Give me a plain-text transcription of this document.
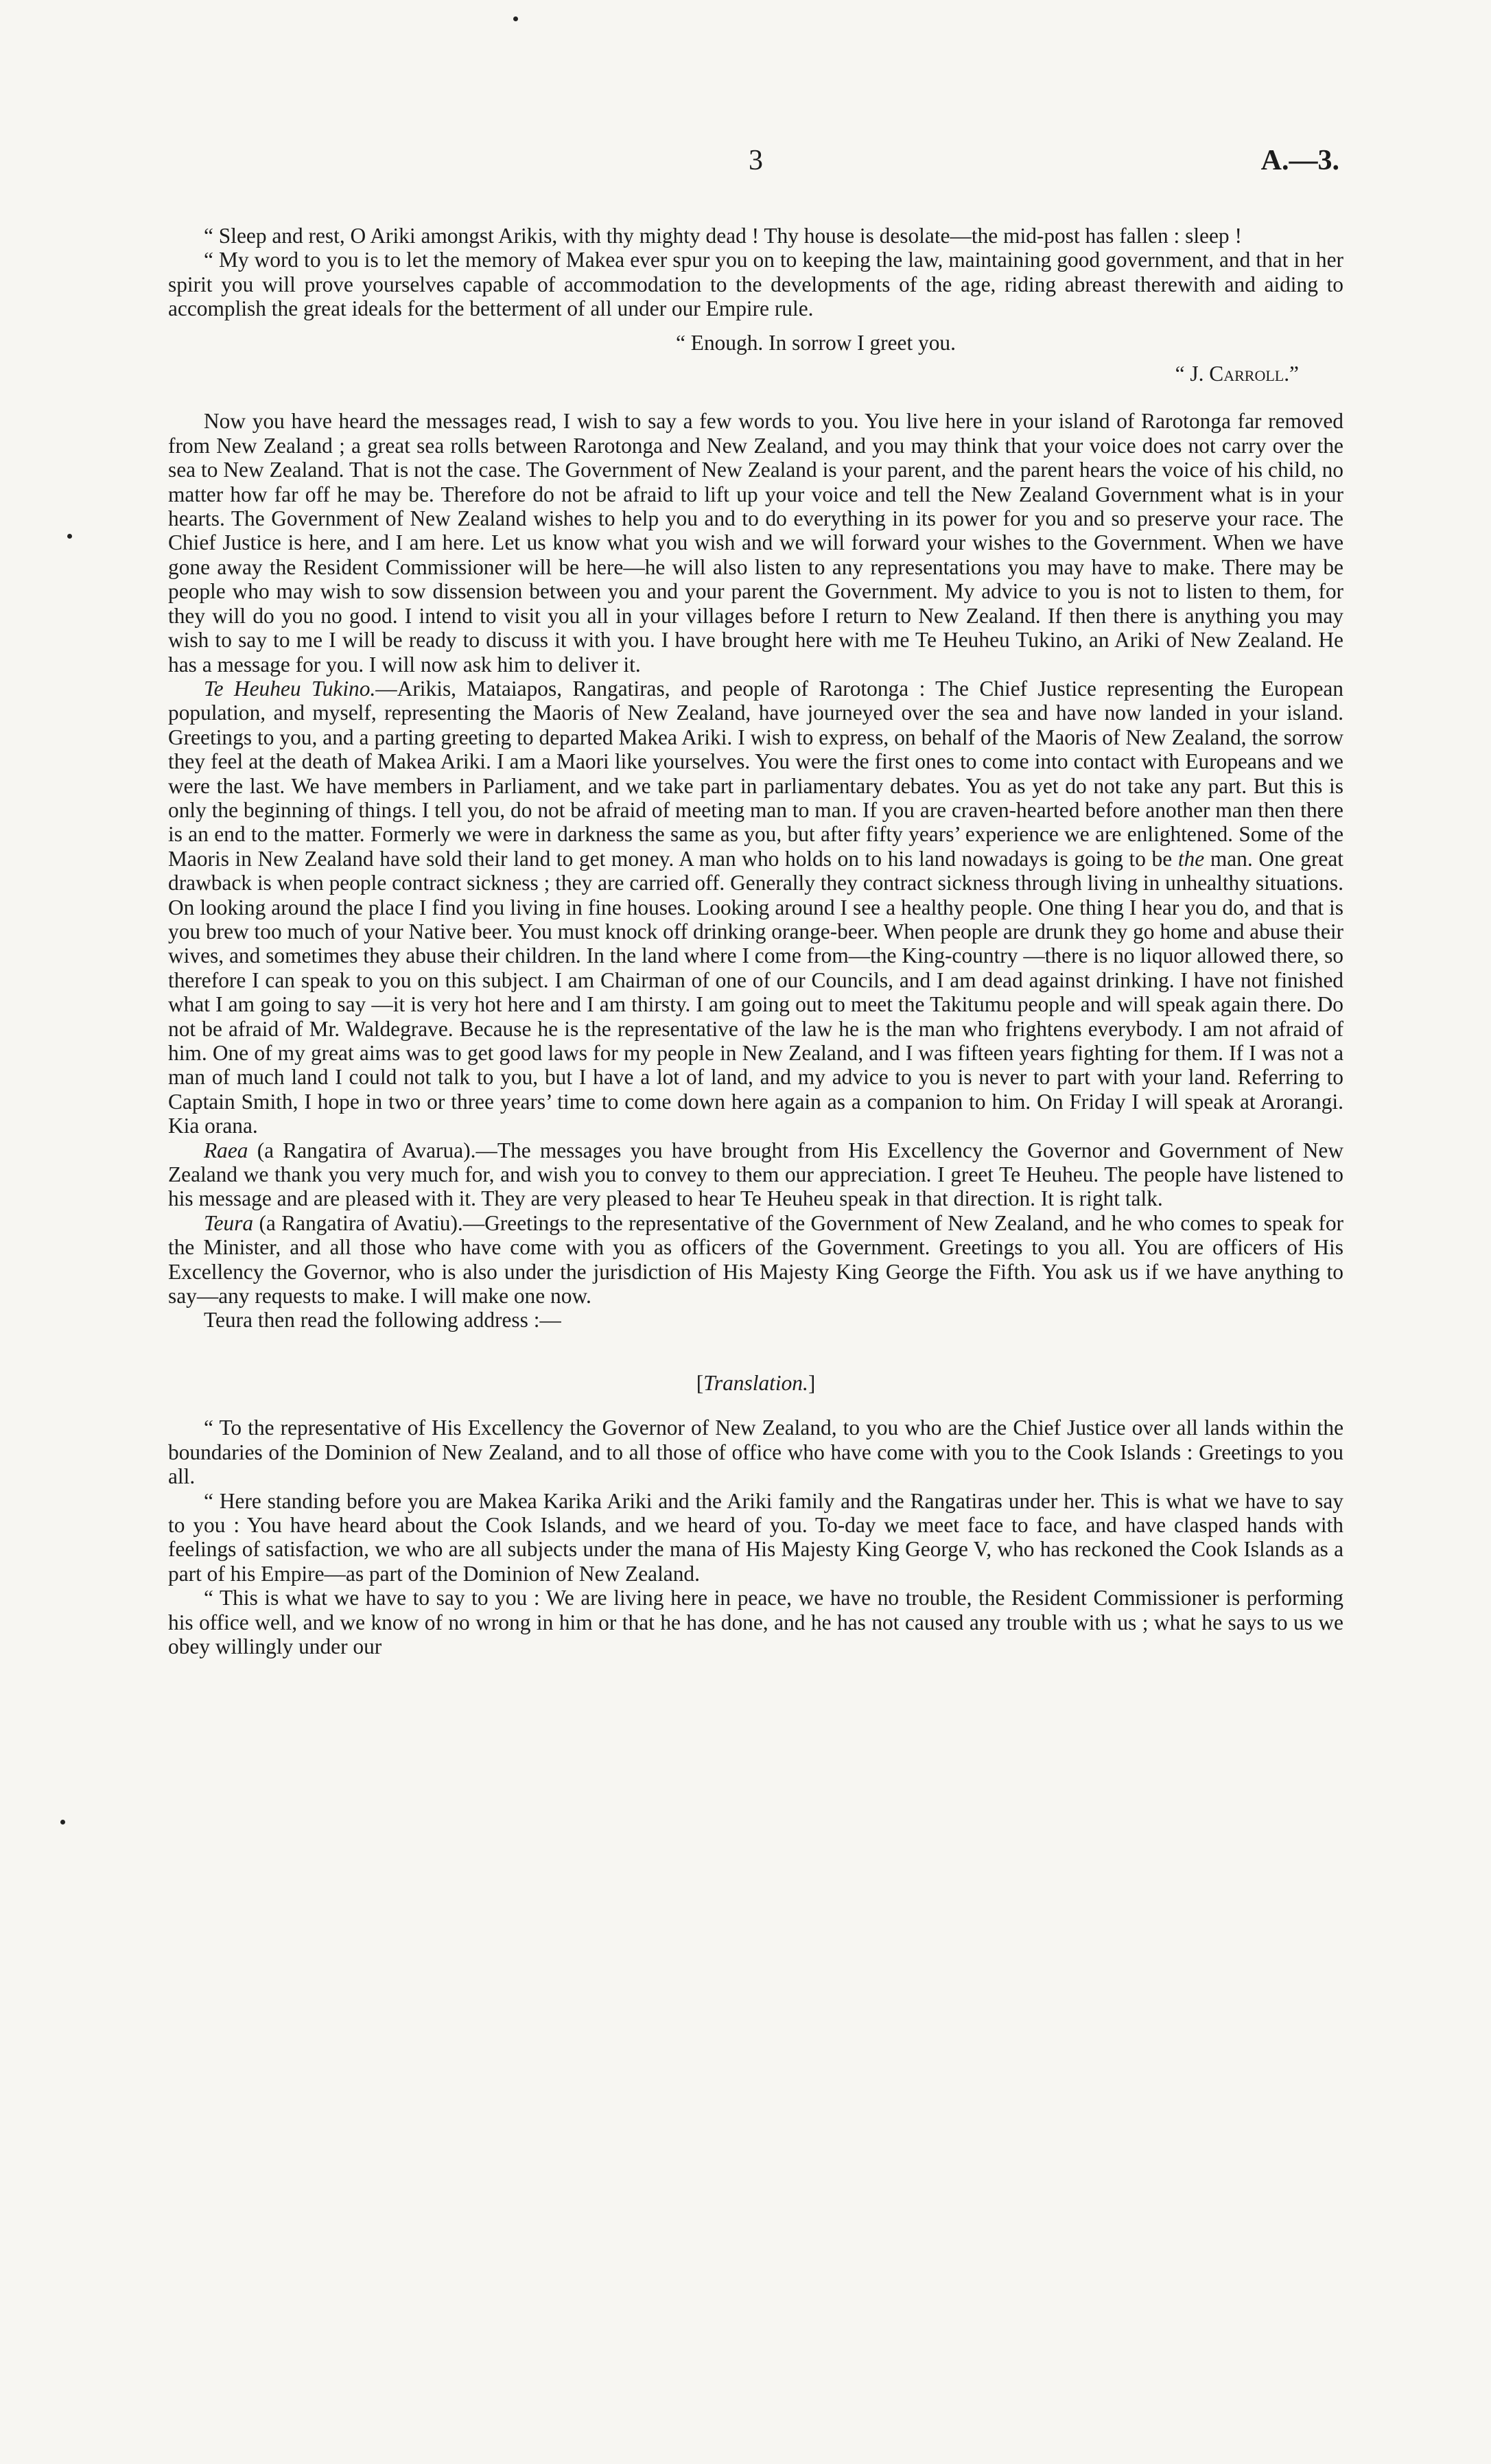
3	A.—3.

“ Sleep and rest, O Ariki amongst Arikis, with thy mighty dead ! Thy house is desolate—the mid-post has fallen : sleep !

“ My word to you is to let the memory of Makea ever spur you on to keeping the law, maintaining good government, and that in her spirit you will prove yourselves capable of accommodation to the developments of the age, riding abreast therewith and aiding to accomplish the great ideals for the betterment of all under our Empire rule.

“ Enough. In sorrow I greet you.

“ J. Carroll.”

Now you have heard the messages read, I wish to say a few words to you. You live here in your island of Rarotonga far removed from New Zealand ; a great sea rolls between Rarotonga and New Zealand, and you may think that your voice does not carry over the sea to New Zealand. That is not the case. The Government of New Zealand is your parent, and the parent hears the voice of his child, no matter how far off he may be. Therefore do not be afraid to lift up your voice and tell the New Zealand Government what is in your hearts. The Government of New Zealand wishes to help you and to do everything in its power for you and so preserve your race. The Chief Justice is here, and I am here. Let us know what you wish and we will forward your wishes to the Government. When we have gone away the Resident Commissioner will be here—he will also listen to any representations you may have to make. There may be people who may wish to sow dissension between you and your parent the Government. My advice to you is not to listen to them, for they will do you no good. I intend to visit you all in your villages before I return to New Zealand. If then there is anything you may wish to say to me I will be ready to discuss it with you. I have brought here with me Te Heuheu Tukino, an Ariki of New Zealand. He has a message for you. I will now ask him to deliver it.

Te Heuheu Tukino.—Arikis, Mataiapos, Rangatiras, and people of Rarotonga : The Chief Justice representing the European population, and myself, representing the Maoris of New Zealand, have journeyed over the sea and have now landed in your island. Greetings to you, and a parting greeting to departed Makea Ariki. I wish to express, on behalf of the Maoris of New Zealand, the sorrow they feel at the death of Makea Ariki. I am a Maori like yourselves. You were the first ones to come into contact with Europeans and we were the last. We have members in Parliament, and we take part in parliamentary debates. You as yet do not take any part. But this is only the beginning of things. I tell you, do not be afraid of meeting man to man. If you are craven-hearted before another man then there is an end to the matter. Formerly we were in darkness the same as you, but after fifty years’ experience we are enlightened. Some of the Maoris in New Zealand have sold their land to get money. A man who holds on to his land nowadays is going to be the man. One great drawback is when people contract sickness ; they are carried off. Generally they contract sickness through living in unhealthy situations. On looking around the place I find you living in fine houses. Looking around I see a healthy people. One thing I hear you do, and that is you brew too much of your Native beer. You must knock off drinking orange-beer. When people are drunk they go home and abuse their wives, and sometimes they abuse their children. In the land where I come from—the King-country —there is no liquor allowed there, so therefore I can speak to you on this subject. I am Chairman of one of our Councils, and I am dead against drinking. I have not finished what I am going to say —it is very hot here and I am thirsty. I am going out to meet the Takitumu people and will speak again there. Do not be afraid of Mr. Waldegrave. Because he is the representative of the law he is the man who frightens everybody. I am not afraid of him. One of my great aims was to get good laws for my people in New Zealand, and I was fifteen years fighting for them. If I was not a man of much land I could not talk to you, but I have a lot of land, and my advice to you is never to part with your land. Referring to Captain Smith, I hope in two or three years’ time to come down here again as a companion to him. On Friday I will speak at Arorangi. Kia orana.

Raea (a Rangatira of Avarua).—The messages you have brought from His Excellency the Governor and Government of New Zealand we thank you very much for, and wish you to convey to them our appreciation. I greet Te Heuheu. The people have listened to his message and are pleased with it. They are very pleased to hear Te Heuheu speak in that direction. It is right talk.

Teura (a Rangatira of Avatiu).—Greetings to the representative of the Government of New Zealand, and he who comes to speak for the Minister, and all those who have come with you as officers of the Government. Greetings to you all. You are officers of His Excellency the Governor, who is also under the jurisdiction of His Majesty King George the Fifth. You ask us if we have anything to say—any requests to make. I will make one now.

Teura then read the following address :—

[Translation.]

“ To the representative of His Excellency the Governor of New Zealand, to you who are the Chief Justice over all lands within the boundaries of the Dominion of New Zealand, and to all those of office who have come with you to the Cook Islands : Greetings to you all.

“ Here standing before you are Makea Karika Ariki and the Ariki family and the Rangatiras under her. This is what we have to say to you : You have heard about the Cook Islands, and we heard of you. To-day we meet face to face, and have clasped hands with feelings of satisfaction, we who are all subjects under the mana of His Majesty King George V, who has reckoned the Cook Islands as a part of his Empire—as part of the Dominion of New Zealand.

“ This is what we have to say to you : We are living here in peace, we have no trouble, the Resident Commissioner is performing his office well, and we know of no wrong in him or that he has done, and he has not caused any trouble with us ; what he says to us we obey willingly under our
